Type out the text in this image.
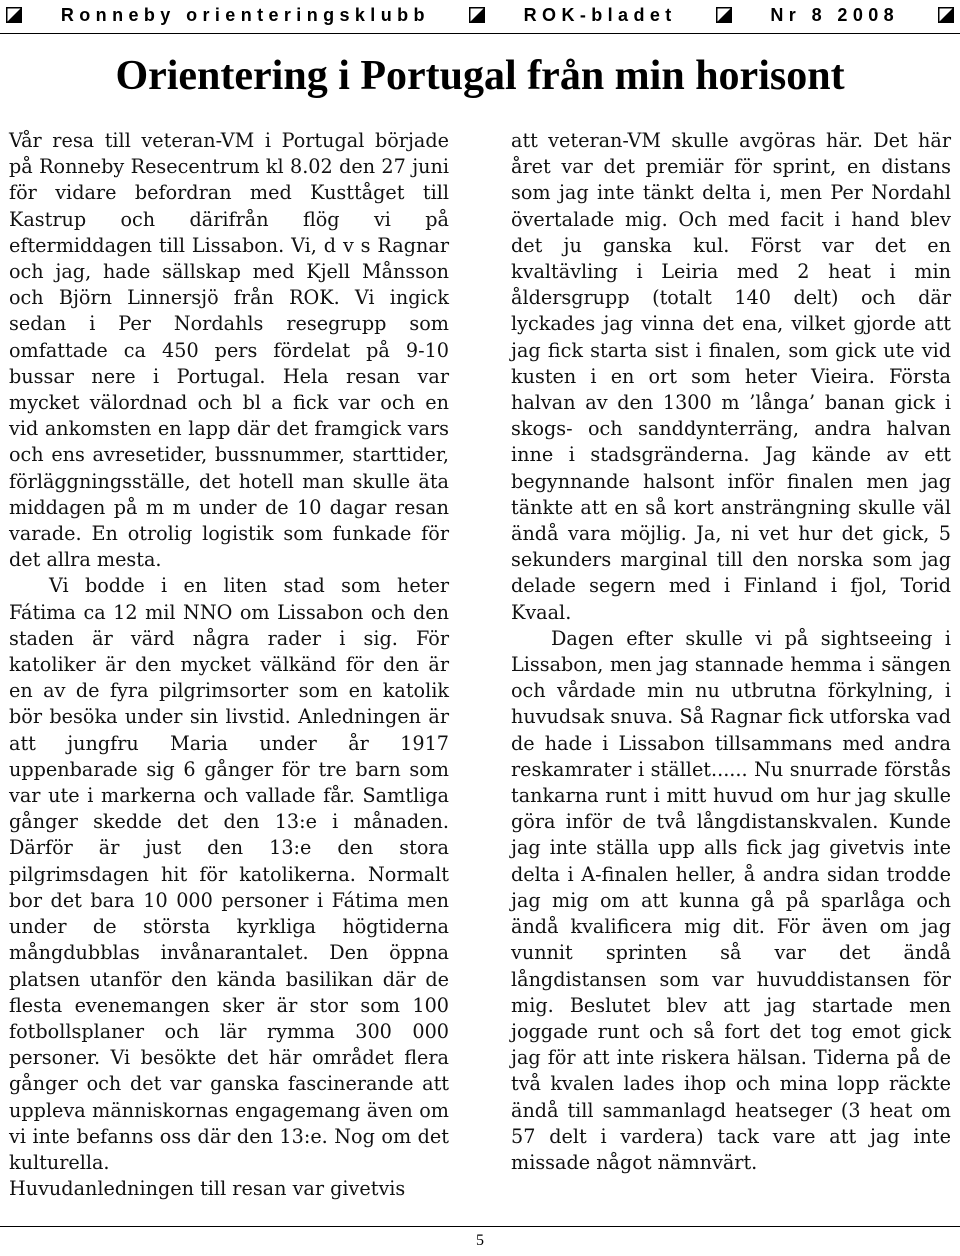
Ronneby orienteringsklubb	ROK-bladet	Nr 8 2008
Orientering i Portugal från min horisont

Vår resa till veteran-VM i Portugal började på Ronneby Resecentrum kl 8.02 den 27 juni för vidare befordran med Kusttåget till Kastrup och därifrån flög vi på eftermiddagen till Lissabon. Vi, d v s Ragnar och jag, hade sällskap med Kjell Månsson och Björn Linnersjö från ROK. Vi ingick sedan i Per Nordahls resegrupp som omfattade ca 450 pers fördelat på 9-10 bussar nere i Portugal. Hela resan var mycket välordnad och bl a fick var och en vid ankomsten en lapp där det framgick vars och ens avresetider, bussnummer, starttider, förläggningsställe, det hotell man skulle äta middagen på m m under de 10 dagar resan varade. En otrolig logistik som funkade för det allra mesta.

Vi bodde i en liten stad som heter Fátima ca 12 mil NNO om Lissabon och den staden är värd några rader i sig. För katoliker är den mycket välkänd för den är en av de fyra pilgrimsorter som en katolik bör besöka under sin livstid. Anledningen är att jungfru Maria under år 1917 uppenbarade sig 6 gånger för tre barn som var ute i markerna och vallade får. Samtliga gånger skedde det den 13:e i månaden. Därför är just den 13:e den stora pilgrimsdagen hit för katolikerna. Normalt bor det bara 10 000 personer i Fátima men under de största kyrkliga högtiderna mångdubblas invånarantalet. Den öppna platsen utanför den kända basilikan där de flesta evenemangen sker är stor som 100 fotbollsplaner och lär rymma 300 000 personer. Vi besökte det här området flera gånger och det var ganska fascinerande att uppleva människornas engagemang även om vi inte befanns oss där den 13:e. Nog om det kulturella.

Huvudanledningen till resan var givetvis

att veteran-VM skulle avgöras här. Det här året var det premiär för sprint, en distans som jag inte tänkt delta i, men Per Nordahl övertalade mig. Och med facit i hand blev det ju ganska kul. Först var det en kvaltävling i Leiria med 2 heat i min åldersgrupp (totalt 140 delt) och där lyckades jag vinna det ena, vilket gjorde att jag fick starta sist i finalen, som gick ute vid kusten i en ort som heter Vieira. Första halvan av den 1300 m ’långa’ banan gick i skogs- och sanddynterräng, andra halvan inne i stadsgränderna. Jag kände av ett begynnande halsont inför finalen men jag tänkte att en så kort ansträngning skulle väl ändå vara möjlig. Ja, ni vet hur det gick, 5 sekunders marginal till den norska som jag delade segern med i Finland i fjol, Torid Kvaal.

Dagen efter skulle vi på sightseeing i Lissabon, men jag stannade hemma i sängen och vårdade min nu utbrutna förkylning, i huvudsak snuva. Så Ragnar fick utforska vad de hade i Lissabon tillsammans med andra reskamrater i stället...... Nu snurrade förstås tankarna runt i mitt huvud om hur jag skulle göra inför de två långdistanskvalen. Kunde jag inte ställa upp alls fick jag givetvis inte delta i A-finalen heller, å andra sidan trodde jag mig om att kunna gå på sparlåga och ändå kvalificera mig dit. För även om jag vunnit sprinten så var det ändå långdistansen som var huvuddistansen för mig. Beslutet blev att jag startade men joggade runt och så fort det tog emot gick jag för att inte riskera hälsan. Tiderna på de två kvalen lades ihop och mina lopp räckte ändå till sammanlagd heatseger (3 heat om 57 delt i vardera) tack vare att jag inte missade något nämnvärt.

5
